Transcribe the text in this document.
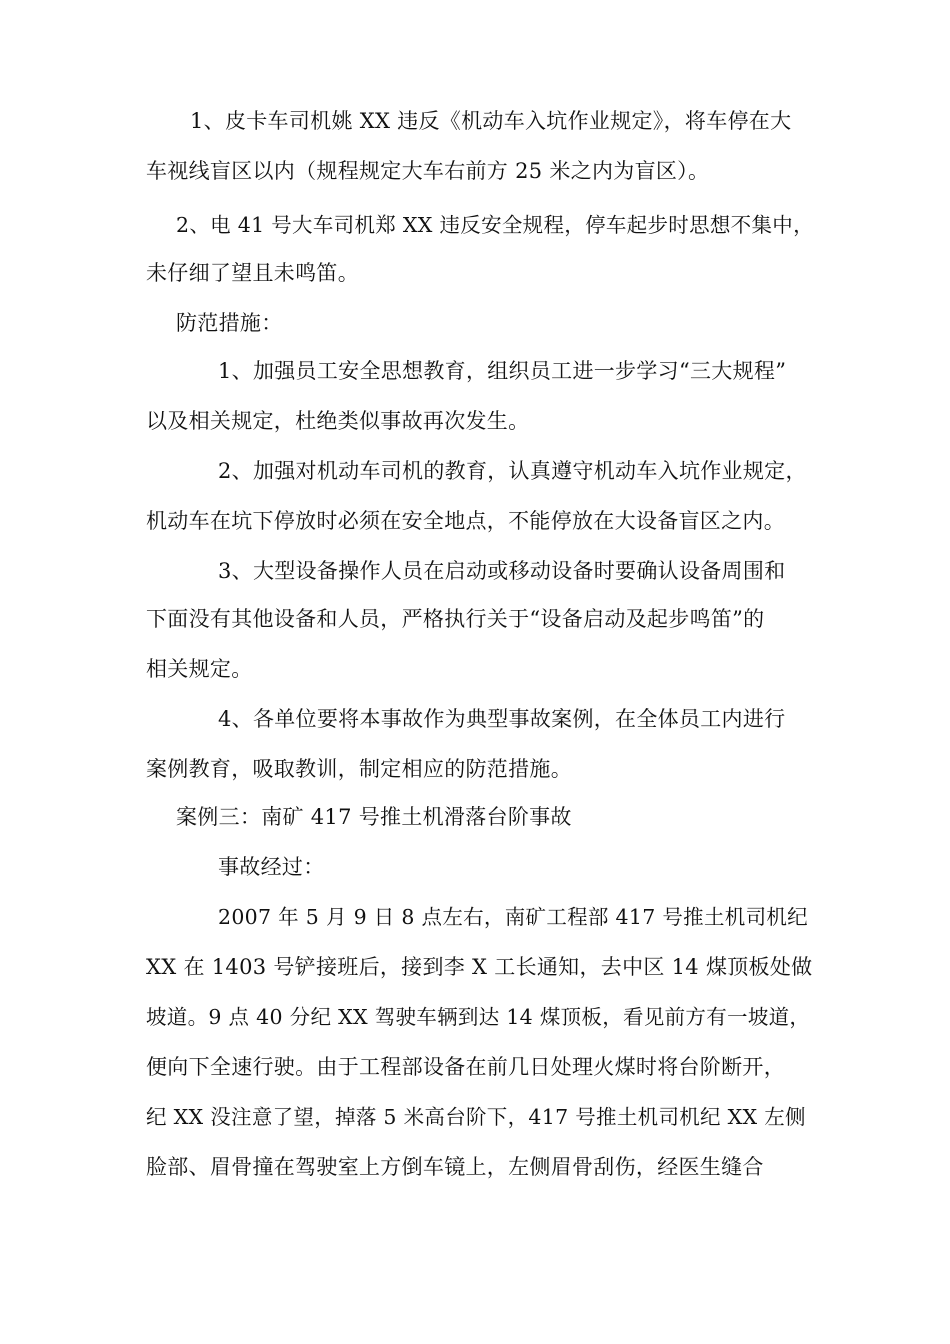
1、皮卡车司机姚 XX 违反《机动车入坑作业规定》，将车停在大
车视线盲区以内（规程规定大车右前方 25 米之内为盲区）。
2、电 41 号大车司机郑 XX 违反安全规程，停车起步时思想不集中，
未仔细了望且未鸣笛。
防范措施：
1、加强员工安全思想教育，组织员工进一步学习“三大规程”
以及相关规定，杜绝类似事故再次发生。
2、加强对机动车司机的教育，认真遵守机动车入坑作业规定，
机动车在坑下停放时必须在安全地点，不能停放在大设备盲区之内。
3、大型设备操作人员在启动或移动设备时要确认设备周围和
下面没有其他设备和人员，严格执行关于“设备启动及起步鸣笛”的
相关规定。
4、各单位要将本事故作为典型事故案例，在全体员工内进行
案例教育，吸取教训，制定相应的防范措施。
案例三：南矿 417 号推土机滑落台阶事故
事故经过：
2007 年 5 月 9 日 8 点左右，南矿工程部 417 号推土机司机纪
XX 在 1403 号铲接班后，接到李 X 工长通知，去中区 14 煤顶板处做
坡道。9 点 40 分纪 XX 驾驶车辆到达 14 煤顶板，看见前方有一坡道，
便向下全速行驶。由于工程部设备在前几日处理火煤时将台阶断开，
纪 XX 没注意了望，掉落 5 米高台阶下，417 号推土机司机纪 XX 左侧
脸部、眉骨撞在驾驶室上方倒车镜上，左侧眉骨刮伤，经医生缝合
